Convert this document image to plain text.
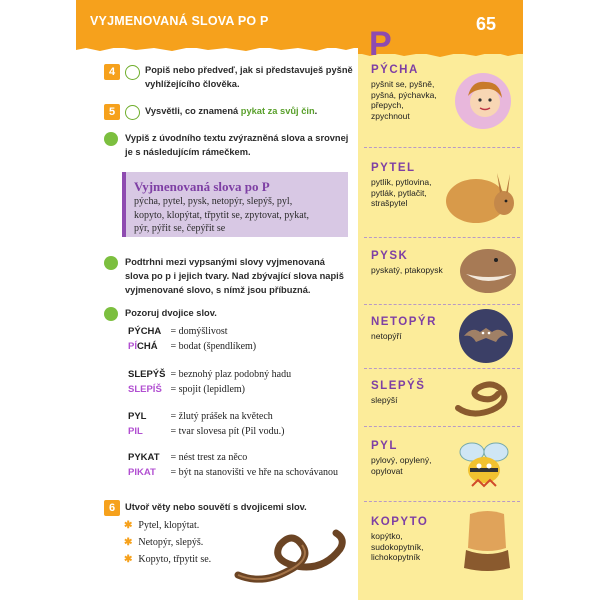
VYJMENOVANÁ SLOVA PO P
P
65
PÝCHA
pyšnit se, pyšně,
pyšná, pýchavka,
přepych,
zpychnout
PYTEL
pytlík, pytlovina,
pytlák, pytlačit,
strašpytel
PYSK
pyskatý, ptakopysk
NETOPÝR
netopýří
SLEPÝŠ
slepýší
PYL
pylový, opylený,
opylovat
KOPYTO
kopýtko,
sudokopytník,
lichokopytník
4	Popiš nebo předveď, jak si představuješ pyšně
vyhlížejícího člověka.
5	Vysvětli, co znamená pykat za svůj čin.
Vypiš z úvodního textu zvýrazněná slova a srovnej
je s následujícím rámečkem.
Vyjmenovaná slova po P
pýcha, pytel, pysk, netopýr, slepýš, pyl,
kopyto, klopýtat, třpytit se, zpytovat, pykat,
pýr, pýřit se, čepýřit se
Podtrhni mezi vypsanými slovy vyjmenovaná
slova po p i jejich tvary. Nad zbývající slova napiš
vyjmenované slovo, s nímž jsou příbuzná.
Pozoruj dvojice slov.
PÝCHA = domýšlivost
PÍCHÁ = bodat (špendlíkem)
SLEPÝŠ = beznohý plaz podobný hadu
SLEPÍŠ = spojit (lepidlem)
PYL = žlutý prášek na květech
PIL	= tvar slovesa pít (Pil vodu.)
PYKAT = nést trest za něco
PIKAT = být na stanovišti ve hře na schovávanou
6	Utvoř věty nebo souvětí s dvojicemi slov.
✱ Pytel, klopýtat.
✱ Netopýr, slepýš.
✱ Kopyto, třpytit se.
